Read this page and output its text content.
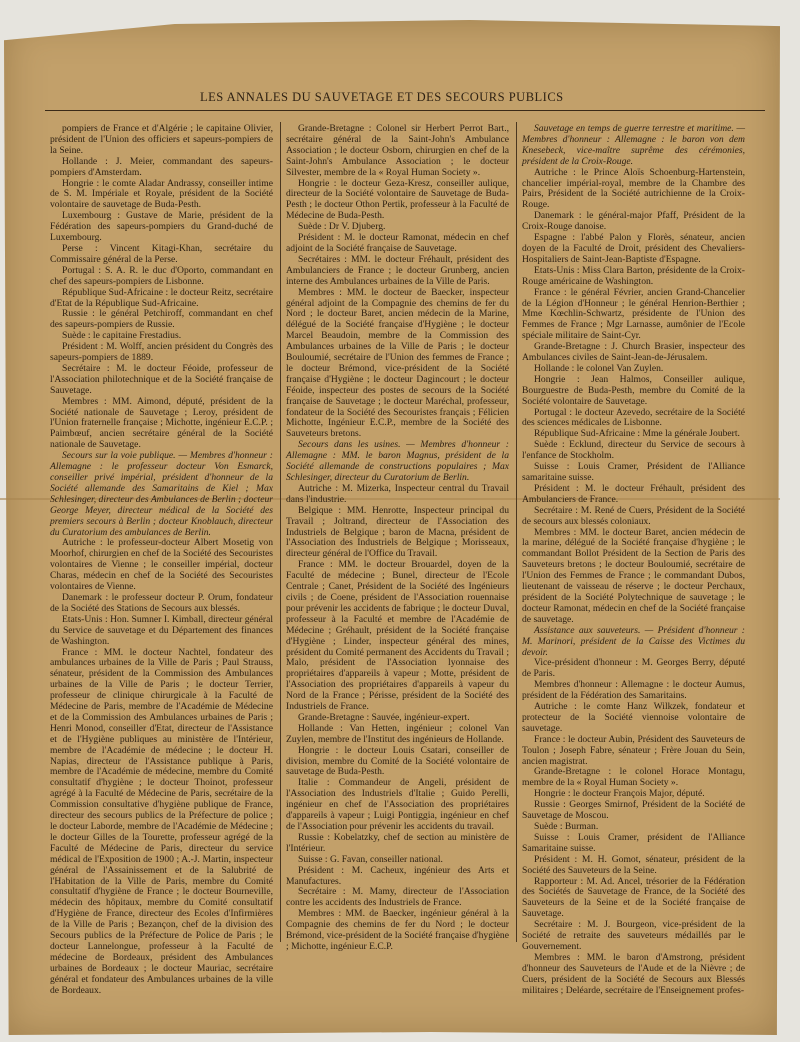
LES ANNALES DU SAUVETAGE ET DES SECOURS PUBLICS

pompiers de France et d'Algérie ; le capitaine Olivier, président de l'Union des officiers et sapeurs-pompiers de la Seine.

Hollande : J. Meier, commandant des sapeurs-pompiers d'Amsterdam.

Hongrie : le comte Aladar Andrassy, conseiller intime de S. M. Impériale et Royale, président de la Société volontaire de sauvetage de Buda-Pesth.

Luxembourg : Gustave de Marie, président de la Fédération des sapeurs-pompiers du Grand-duché de Luxembourg.

Perse : Vincent Kitagi-Khan, secrétaire du Commissaire général de la Perse.

Portugal : S. A. R. le duc d'Oporto, commandant en chef des sapeurs-pompiers de Lisbonne.

République Sud-Africaine : le docteur Reitz, secrétaire d'Etat de la République Sud-Africaine.

Russie : le général Petchiroff, commandant en chef des sapeurs-pompiers de Russie.

Suède : le capitaine Frestadius.

Président : M. Wolff, ancien président du Congrès des sapeurs-pompiers de 1889.

Secrétaire : M. le docteur Féoide, professeur de l'Association philotechnique et de la Société française de Sauvetage.

Membres : MM. Aimond, député, président de la Société nationale de Sauvetage ; Leroy, président de l'Union fraternelle française ; Michotte, ingénieur E.C.P. ; Paimbœuf, ancien secrétaire général de la Société nationale de Sauvetage.

Secours sur la voie publique. — Membres d'honneur : Allemagne : le professeur docteur Von Esmarck, conseiller privé impérial, président d'honneur de la Société allemande des Samaritains de Kiel ; Max Schlesinger, directeur des Ambulances de Berlin ; docteur George Meyer, directeur médical de la Société des premiers secours à Berlin ; docteur Knoblauch, directeur du Curatorium des ambulances de Berlin.

Autriche : le professeur-docteur Albert Mosetig von Moorhof, chirurgien en chef de la Société des Secouristes volontaires de Vienne ; le conseiller impérial, docteur Charas, médecin en chef de la Société des Secouristes volontaires de Vienne.

Danemark : le professeur docteur P. Orum, fondateur de la Société des Stations de Secours aux blessés.

Etats-Unis : Hon. Sumner I. Kimball, directeur général du Service de sauvetage et du Département des finances de Washington.

France : MM. le docteur Nachtel, fondateur des ambulances urbaines de la Ville de Paris ; Paul Strauss, sénateur, président de la Commission des Ambulances urbaines de la Ville de Paris ; le docteur Terrier, professeur de clinique chirurgicale à la Faculté de Médecine de Paris, membre de l'Académie de Médecine et de la Commission des Ambulances urbaines de Paris ; Henri Monod, conseiller d'Etat, directeur de l'Assistance et de l'Hygiène publiques au ministère de l'Intérieur, membre de l'Académie de médecine ; le docteur H. Napias, directeur de l'Assistance publique à Paris, membre de l'Académie de médecine, membre du Comité consultatif d'hygiène ; le docteur Thoinot, professeur agrégé à la Faculté de Médecine de Paris, secrétaire de la Commission consultative d'hygiène publique de France, directeur des secours publics de la Préfecture de police ; le docteur Laborde, membre de l'Académie de Médecine ; le docteur Gilles de la Tourette, professeur agrégé de la Faculté de Médecine de Paris, directeur du service médical de l'Exposition de 1900 ; A.-J. Martin, inspecteur général de l'Assainissement et de la Salubrité de l'Habitation de la Ville de Paris, membre du Comité consultatif d'hygiène de France ; le docteur Bourneville, médecin des hôpitaux, membre du Comité consultatif d'Hygiène de France, directeur des Ecoles d'Infirmières de la Ville de Paris ; Bezançon, chef de la division des Secours publics de la Préfecture de Police de Paris ; le docteur Lannelongue, professeur à la Faculté de médecine de Bordeaux, président des Ambulances urbaines de Bordeaux ; le docteur Mauriac, secrétaire général et fondateur des Ambulances urbaines de la ville de Bordeaux.

Grande-Bretagne : Colonel sir Herbert Perrot Bart., secrétaire général de la Saint-John's Ambulance Association ; le docteur Osborn, chirurgien en chef de la Saint-John's Ambulance Association ; le docteur Silvester, membre de la « Royal Human Society ».

Hongrie : le docteur Geza-Kresz, conseiller aulique, directeur de la Société volontaire de Sauvetage de Buda-Pesth ; le docteur Othon Pertik, professeur à la Faculté de Médecine de Buda-Pesth.

Suède : Dr V. Djuberg.

Président : M. le docteur Ramonat, médecin en chef adjoint de la Société française de Sauvetage.

Secrétaires : MM. le docteur Fréhault, président des Ambulanciers de France ; le docteur Grunberg, ancien interne des Ambulances urbaines de la Ville de Paris.

Membres : MM. le docteur de Baecker, inspecteur général adjoint de la Compagnie des chemins de fer du Nord ; le docteur Baret, ancien médecin de la Marine, délégué de la Société française d'Hygiène ; le docteur Marcel Beaudoin, membre de la Commission des Ambulances urbaines de la Ville de Paris ; le docteur Bouloumié, secrétaire de l'Union des femmes de France ; le docteur Brémond, vice-président de la Société française d'Hygiène ; le docteur Dagincourt ; le docteur Féoide, inspecteur des postes de secours de la Société française de Sauvetage ; le docteur Maréchal, professeur, fondateur de la Société des Secouristes français ; Félicien Michotte, Ingénieur E.C.P., membre de la Société des Sauveteurs bretons.

Secours dans les usines. — Membres d'honneur : Allemagne : MM. le baron Magnus, président de la Société allemande de constructions populaires ; Max Schlesinger, directeur du Curatorium de Berlin.

Autriche : M. Mizerka, Inspecteur central du Travail dans l'industrie.

Belgique : MM. Henrotte, Inspecteur principal du Travail ; Joltrand, directeur de l'Association des Industriels de Belgique ; baron de Macna, président de l'Association des Industriels de Belgique ; Morisseaux, directeur général de l'Office du Travail.

France : MM. le docteur Brouardel, doyen de la Faculté de médecine ; Bunel, directeur de l'Ecole Centrale ; Canet, Président de la Société des Ingénieurs civils ; de Coene, président de l'Association rouennaise pour prévenir les accidents de fabrique ; le docteur Duval, professeur à la Faculté et membre de l'Académie de Médecine ; Gréhault, président de la Société française d'Hygiène ; Linder, inspecteur général des mines, président du Comité permanent des Accidents du Travail ; Malo, président de l'Association lyonnaise des propriétaires d'appareils à vapeur ; Motte, président de l'Association des propriétaires d'appareils à vapeur du Nord de la France ; Périsse, président de la Société des Industriels de France.

Grande-Bretagne : Sauvée, ingénieur-expert.

Hollande : Van Hetten, ingénieur ; colonel Van Zuylen, membre de l'Institut des ingénieurs de Hollande.

Hongrie : le docteur Louis Csatari, conseiller de division, membre du Comité de la Société volontaire de sauvetage de Buda-Pesth.

Italie : Commandeur de Angeli, président de l'Association des Industriels d'Italie ; Guido Perelli, ingénieur en chef de l'Association des propriétaires d'appareils à vapeur ; Luigi Pontiggia, ingénieur en chef de l'Association pour prévenir les accidents du travail.

Russie : Kobelatzky, chef de section au ministère de l'Intérieur.

Suisse : G. Favan, conseiller national.

Président : M. Cacheux, ingénieur des Arts et Manufactures.

Secrétaire : M. Mamy, directeur de l'Association contre les accidents des Industriels de France.

Membres : MM. de Baecker, ingénieur général à la Compagnie des chemins de fer du Nord ; le docteur Brémond, vice-président de la Société française d'hygiène ; Michotte, ingénieur E.C.P.

Sauvetage en temps de guerre terrestre et maritime. — Membres d'honneur : Allemagne : le baron von dem Knesebeck, vice-maître suprême des cérémonies, président de la Croix-Rouge.

Autriche : le Prince Aloïs Schoenburg-Hartenstein, chancelier impérial-royal, membre de la Chambre des Pairs, Président de la Société autrichienne de la Croix-Rouge.

Danemark : le général-major Pfaff, Président de la Croix-Rouge danoise.

Espagne : l'abbé Palon y Florès, sénateur, ancien doyen de la Faculté de Droit, président des Chevaliers-Hospitaliers de Saint-Jean-Baptiste d'Espagne.

Etats-Unis : Miss Clara Barton, présidente de la Croix-Rouge américaine de Washington.

France : le général Février, ancien Grand-Chancelier de la Légion d'Honneur ; le général Henrion-Berthier ; Mme Kœchlin-Schwartz, présidente de l'Union des Femmes de France ; Mgr Larnasse, aumônier de l'Ecole spéciale militaire de Saint-Cyr.

Grande-Bretagne : J. Church Brasier, inspecteur des Ambulances civiles de Saint-Jean-de-Jérusalem.

Hollande : le colonel Van Zuylen.

Hongrie : Jean Halmos, Conseiller aulique, Bourguestre de Buda-Pesth, membre du Comité de la Société volontaire de Sauvetage.

Portugal : le docteur Azevedo, secrétaire de la Société des sciences médicales de Lisbonne.

République Sud-Africaine : Mme la générale Joubert.

Suède : Ecklund, directeur du Service de secours à l'enfance de Stockholm.

Suisse : Louis Cramer, Président de l'Alliance samaritaine suisse.

Président : M. le docteur Fréhault, président des Ambulanciers de France.

Secrétaire : M. René de Cuers, Président de la Société de secours aux blessés coloniaux.

Membres : MM. le docteur Baret, ancien médecin de la marine, délégué de la Société française d'hygiène ; le commandant Bollot Président de la Section de Paris des Sauveteurs bretons ; le docteur Bouloumié, secrétaire de l'Union des Femmes de France ; le commandant Dubos, lieutenant de vaisseau de réserve ; le docteur Perchaux, président de la Société Polytechnique de sauvetage ; le docteur Ramonat, médecin en chef de la Société française de sauvetage.

Assistance aux sauveteurs. — Président d'honneur : M. Marinori, président de la Caisse des Victimes du devoir.

Vice-président d'honneur : M. Georges Berry, député de Paris.

Membres d'honneur : Allemagne : le docteur Aumus, président de la Fédération des Samaritains.

Autriche : le comte Hanz Wilkzek, fondateur et protecteur de la Société viennoise volontaire de sauvetage.

France : le docteur Aubin, Président des Sauveteurs de Toulon ; Joseph Fabre, sénateur ; Frère Jouan du Sein, ancien magistrat.

Grande-Bretagne : le colonel Horace Montagu, membre de la « Royal Human Society ».

Hongrie : le docteur François Major, député.

Russie : Georges Smirnof, Président de la Société de Sauvetage de Moscou.

Suède : Burman.

Suisse : Louis Cramer, président de l'Alliance Samaritaine suisse.

Président : M. H. Gomot, sénateur, président de la Société des Sauveteurs de la Seine.

Rapporteur : M. Ad. Ancel, trésorier de la Fédération des Sociétés de Sauvetage de France, de la Société des Sauveteurs de la Seine et de la Société française de Sauvetage.

Secrétaire : M. J. Bourgeon, vice-président de la Société de retraite des sauveteurs médaillés par le Gouvernement.

Membres : MM. le baron d'Amstrong, président d'honneur des Sauveteurs de l'Aude et de la Nièvre ; de Cuers, président de la Société de Secours aux Blessés militaires ; Deléarde, secrétaire de l'Enseignement profes-
